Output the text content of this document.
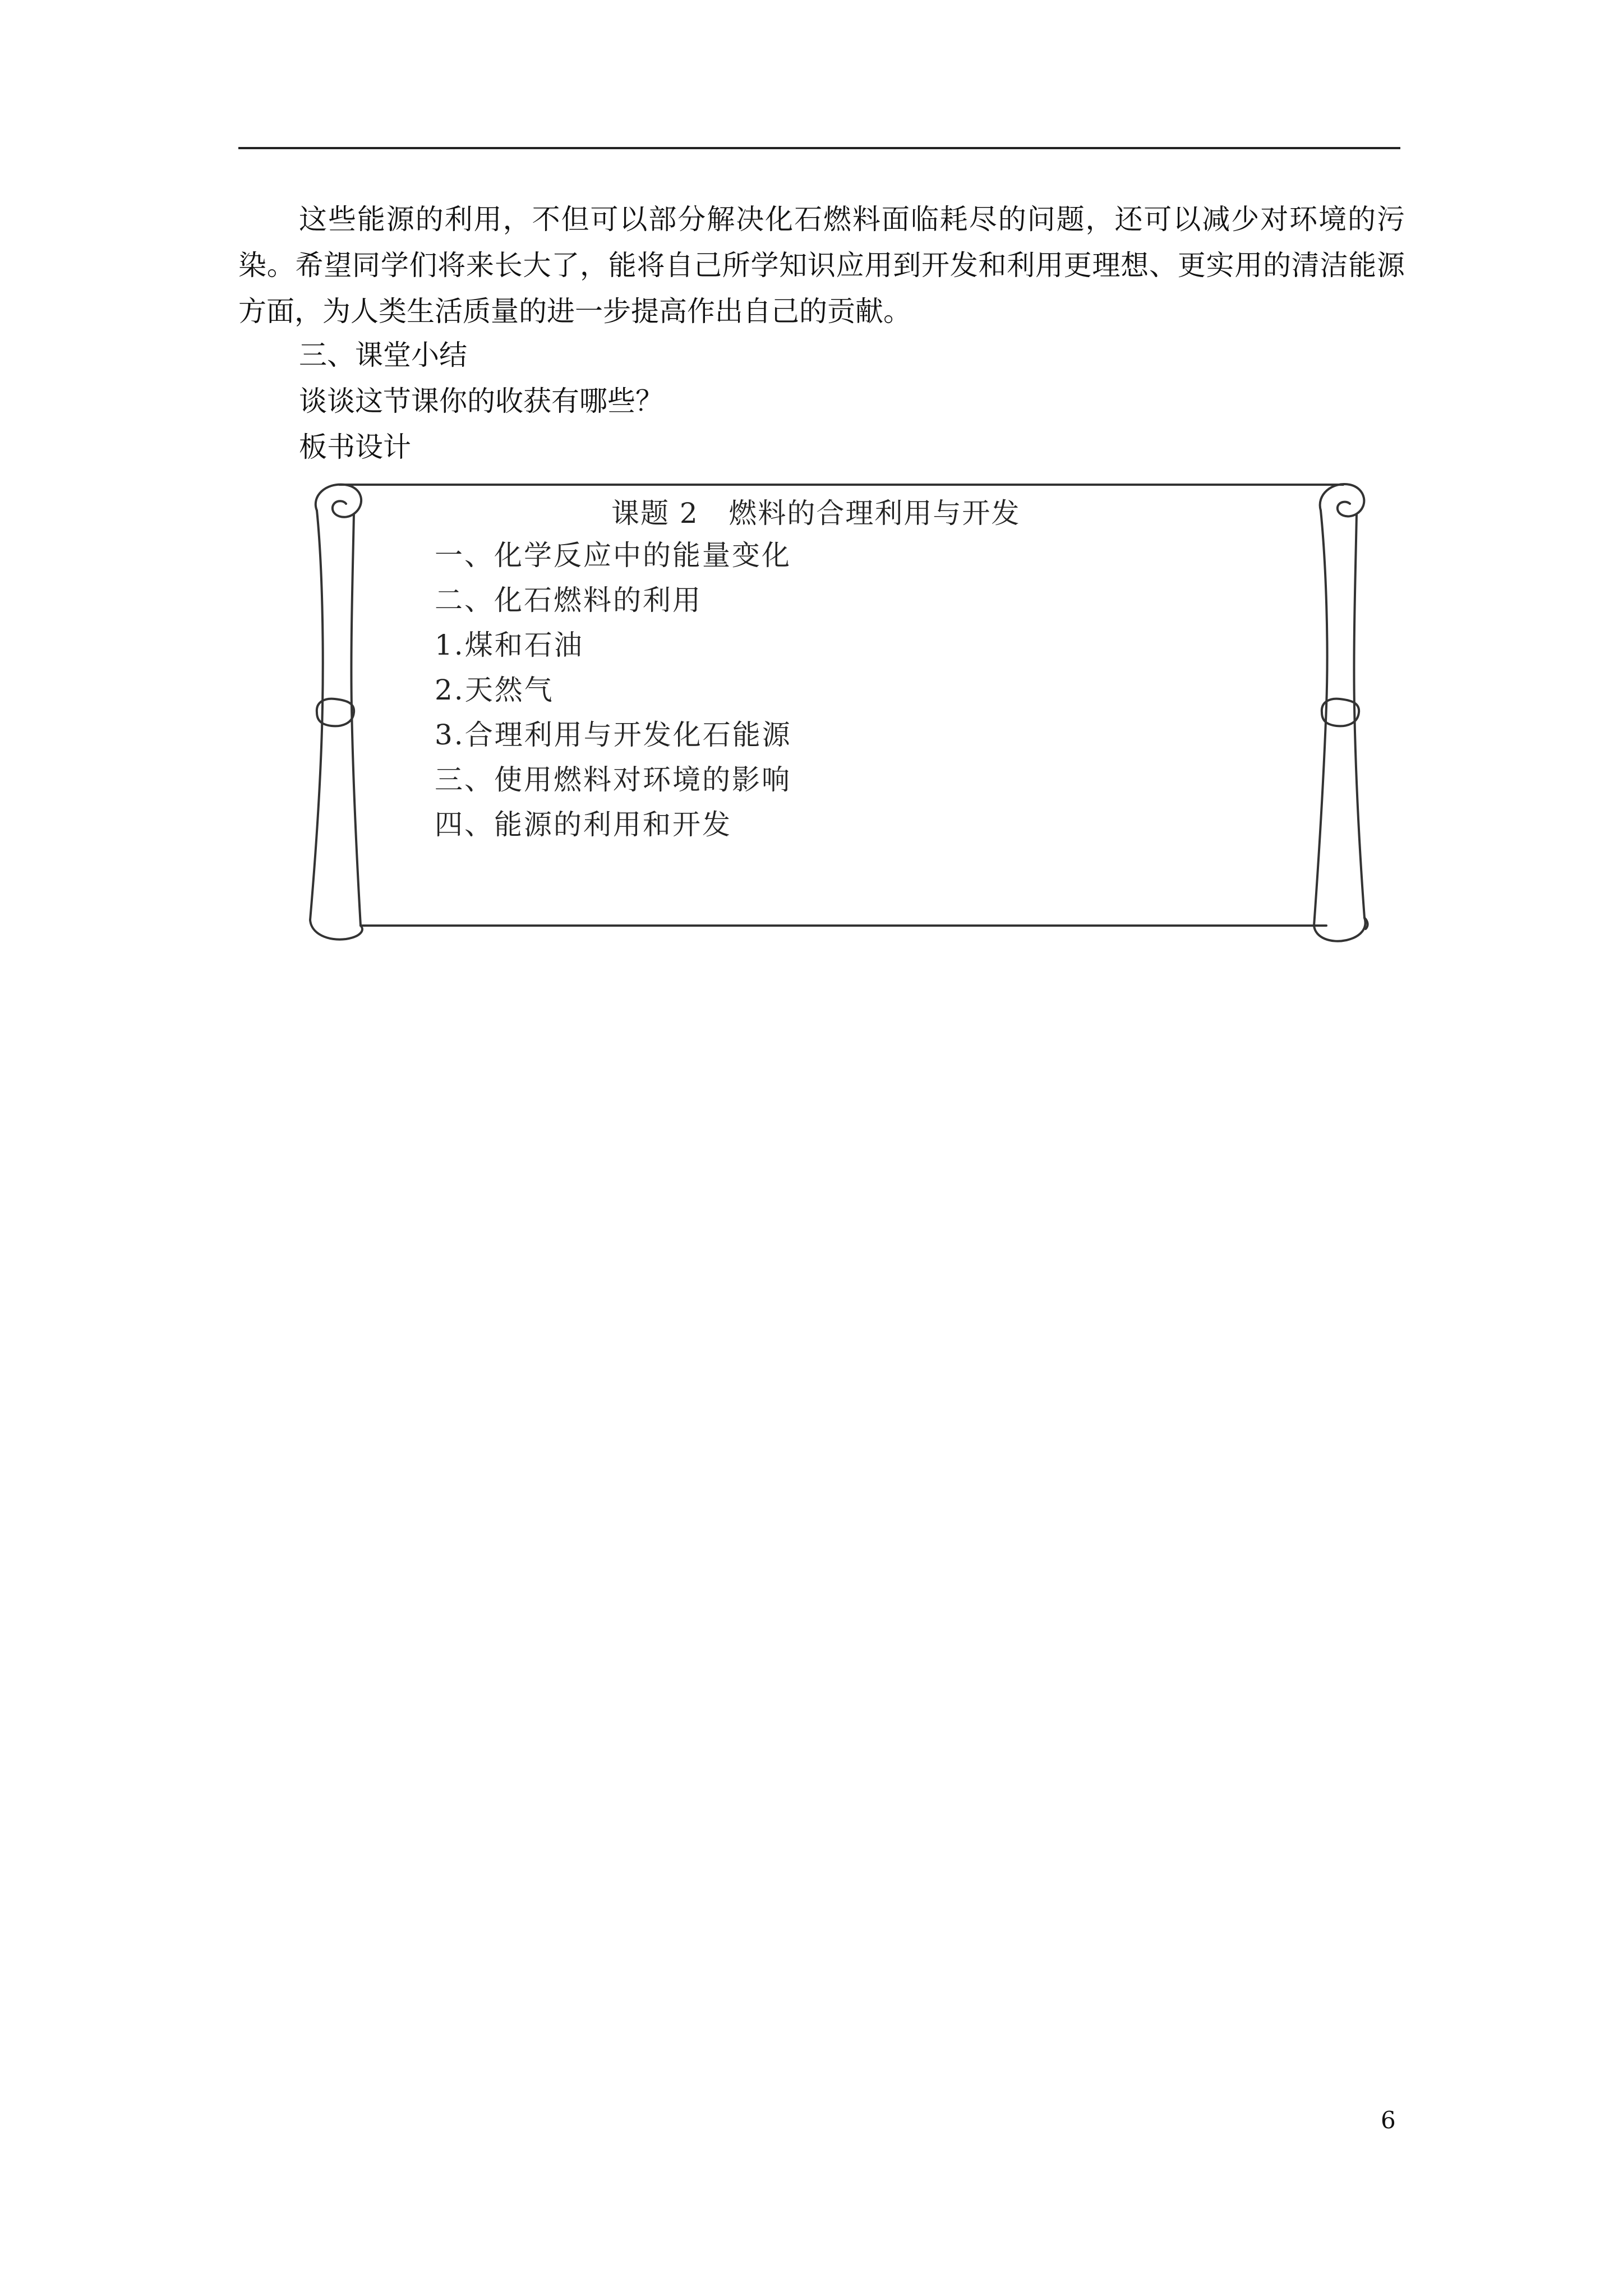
这些能源的利用，不但可以部分解决化石燃料面临耗尽的问题，还可以减少对环境的污染。希望同学们将来长大了，能将自己所学知识应用到开发和利用更理想、更实用的清洁能源方面，为人类生活质量的进一步提高作出自己的贡献。

三、课堂小结

谈谈这节课你的收获有哪些？

板书设计

课题 2   燃料的合理利用与开发
一、化学反应中的能量变化
二、化石燃料的利用
1.煤和石油
2.天然气
3.合理利用与开发化石能源
三、使用燃料对环境的影响
四、能源的利用和开发
6
